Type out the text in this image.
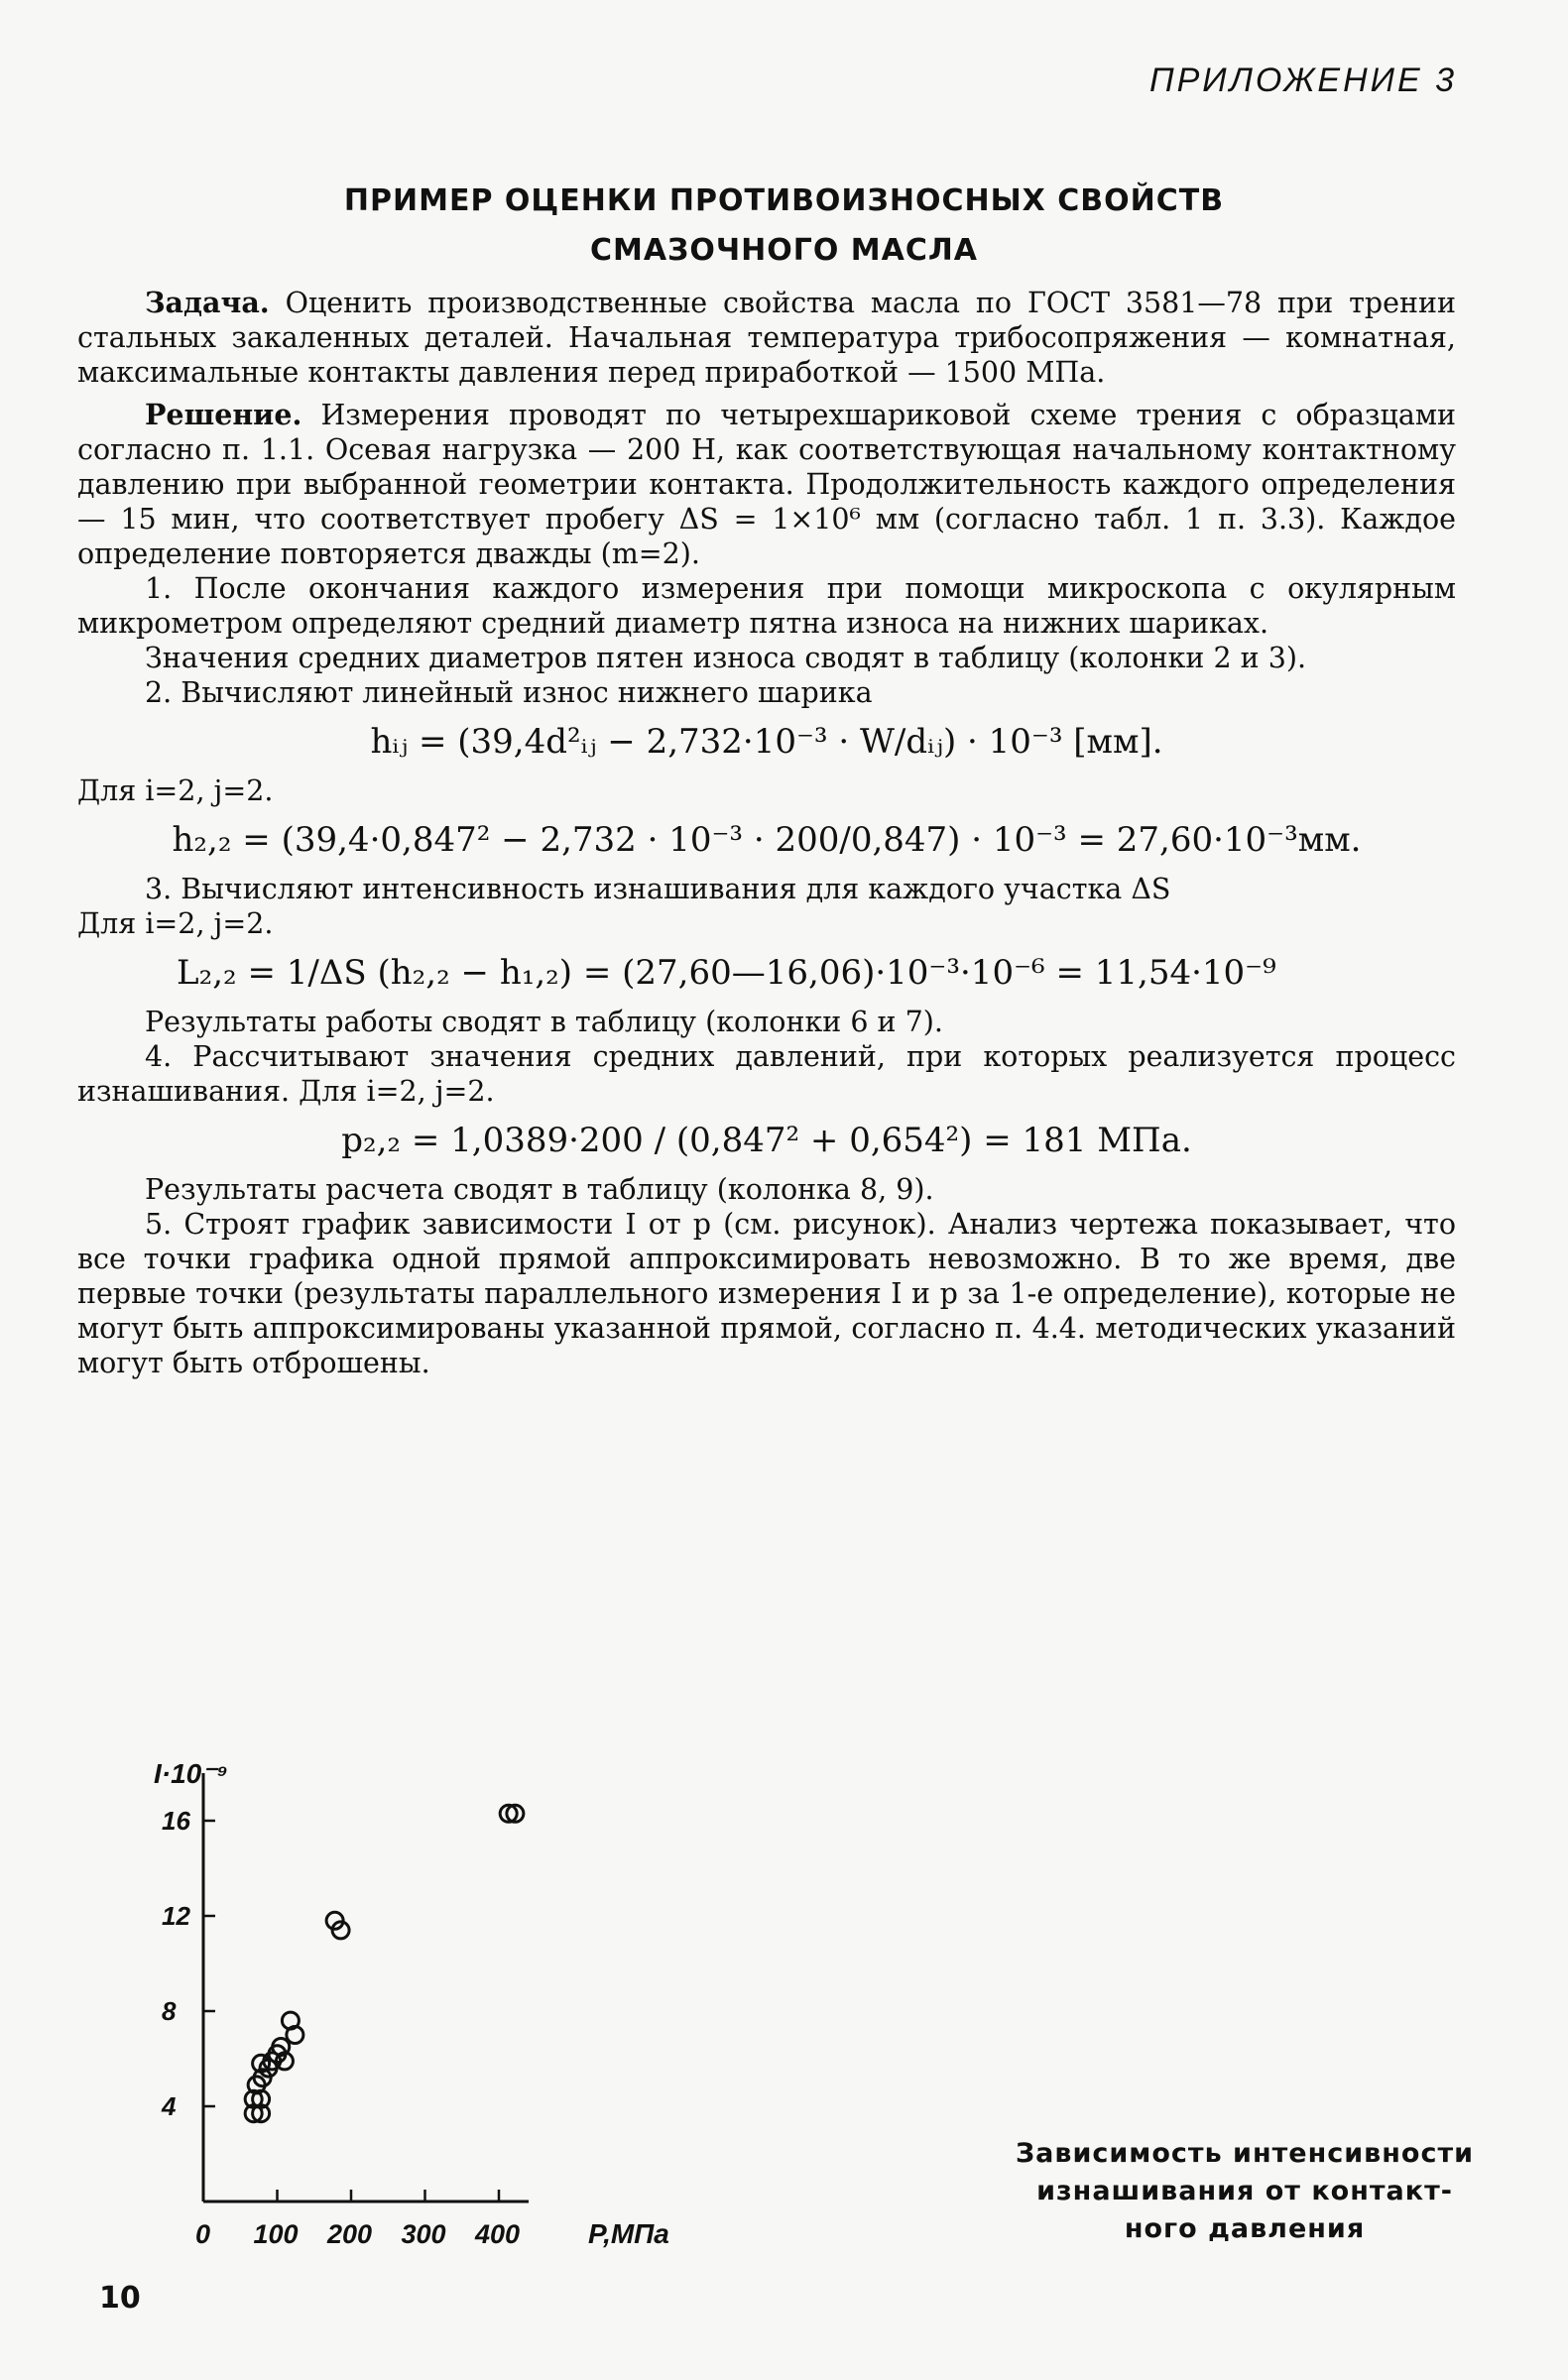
ПРИЛОЖЕНИЕ 3
ПРИМЕР ОЦЕНКИ ПРОТИВОИЗНОСНЫХ СВОЙСТВ
СМАЗОЧНОГО МАСЛА

Задача. Оценить производственные свойства масла по ГОСТ 3581—78 при трении стальных закаленных деталей. Начальная температура трибосопряжения — комнатная, максимальные контакты давления перед приработкой — 1500 МПа.

Решение. Измерения проводят по четырехшариковой схеме трения с образцами согласно п. 1.1. Осевая нагрузка — 200 Н, как соответствующая начальному контактному давлению при выбранной геометрии контакта. Продолжительность каждого определения — 15 мин, что соответствует пробегу ΔS = 1×10⁶ мм (согласно табл. 1 п. 3.3). Каждое определение повторяется дважды (m=2).

1. После окончания каждого измерения при помощи микроскопа с окулярным микрометром определяют средний диаметр пятна износа на нижних шариках.

Значения средних диаметров пятен износа сводят в таблицу (колонки 2 и 3).

2. Вычисляют линейный износ нижнего шарика

hᵢⱼ = (39,4d²ᵢⱼ − 2,732·10⁻³ · W/dᵢⱼ) · 10⁻³ [мм].

Для i=2, j=2.

h₂,₂ = (39,4·0,847² − 2,732 · 10⁻³ · 200/0,847) · 10⁻³ = 27,60·10⁻³мм.

3. Вычисляют интенсивность изнашивания для каждого участка ΔS

Для i=2, j=2.

L₂,₂ = 1/ΔS (h₂,₂ − h₁,₂) = (27,60—16,06)·10⁻³·10⁻⁶ = 11,54·10⁻⁹

Результаты работы сводят в таблицу (колонки 6 и 7).

4. Рассчитывают значения средних давлений, при которых реализуется процесс изнашивания. Для i=2, j=2.

p₂,₂ = 1,0389·200 / (0,847² + 0,654²) = 181 МПа.

Результаты расчета сводят в таблицу (колонка 8, 9).

5. Строят график зависимости I от p (см. рисунок). Анализ чертежа показывает, что все точки графика одной прямой аппроксимировать невозможно. В то же время, две первые точки (результаты параллельного измерения I и p за 1-е определение), которые не могут быть аппроксимированы указанной прямой, согласно п. 4.4. методических указаний могут быть отброшены.

I·10⁻⁹
P,МПа
4
8
12
16
0 100 200 300 400
Зависимость интенсивности
изнашивания от контакт-
ного давления
10
